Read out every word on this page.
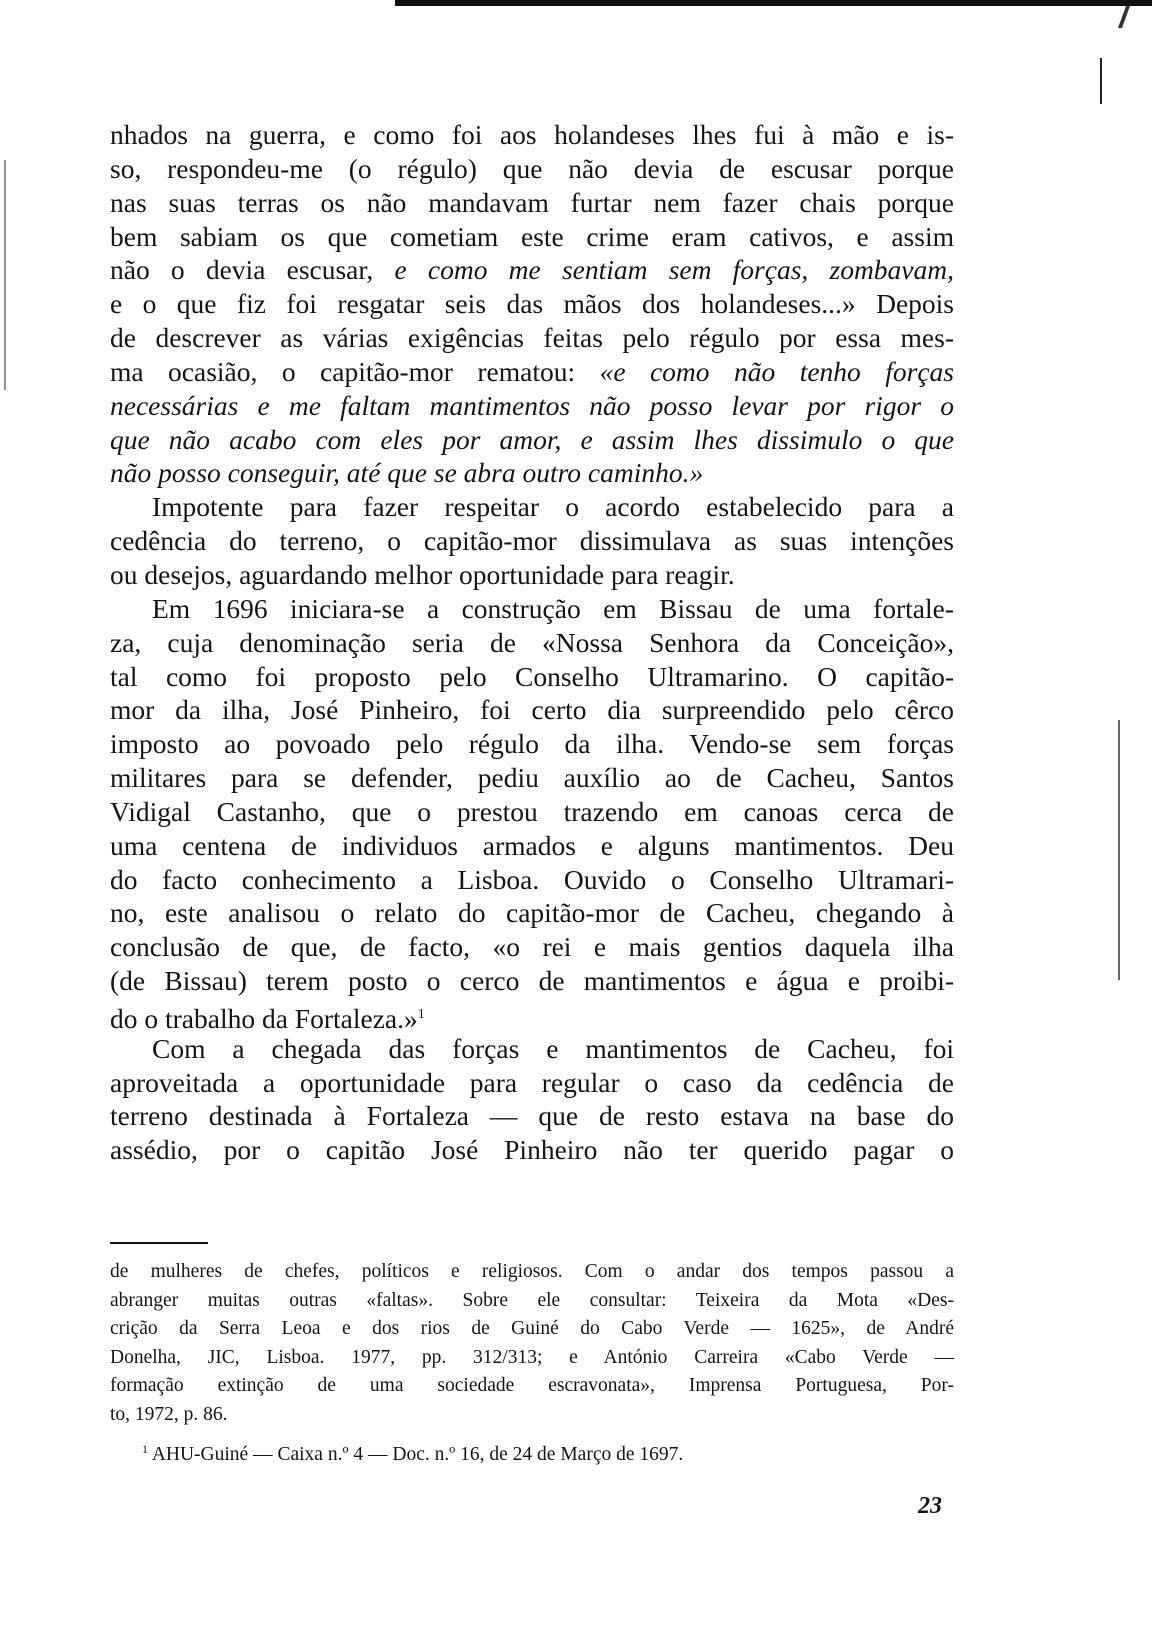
nhados na guerra, e como foi aos holandeses lhes fui à mão e is-
so, respondeu-me (o régulo) que não devia de escusar porque
nas suas terras os não mandavam furtar nem fazer chais porque
bem sabiam os que cometiam este crime eram cativos, e assim
não o devia escusar, e como me sentiam sem forças, zombavam,
e o que fiz foi resgatar seis das mãos dos holandeses...» Depois
de descrever as várias exigências feitas pelo régulo por essa mes-
ma ocasião, o capitão-mor rematou: «e como não tenho forças
necessárias e me faltam mantimentos não posso levar por rigor o
que não acabo com eles por amor, e assim lhes dissimulo o que
não posso conseguir, até que se abra outro caminho.»
Impotente para fazer respeitar o acordo estabelecido para a
cedência do terreno, o capitão-mor dissimulava as suas intenções
ou desejos, aguardando melhor oportunidade para reagir.
Em 1696 iniciara-se a construção em Bissau de uma fortale-
za, cuja denominação seria de «Nossa Senhora da Conceição»,
tal como foi proposto pelo Conselho Ultramarino. O capitão-
mor da ilha, José Pinheiro, foi certo dia surpreendido pelo cêrco
imposto ao povoado pelo régulo da ilha. Vendo-se sem forças
militares para se defender, pediu auxílio ao de Cacheu, Santos
Vidigal Castanho, que o prestou trazendo em canoas cerca de
uma centena de individuos armados e alguns mantimentos. Deu
do facto conhecimento a Lisboa. Ouvido o Conselho Ultramari-
no, este analisou o relato do capitão-mor de Cacheu, chegando à
conclusão de que, de facto, «o rei e mais gentios daquela ilha
(de Bissau) terem posto o cerco de mantimentos e água e proibi-
do o trabalho da Fortaleza.»$^1$
Com a chegada das forças e mantimentos de Cacheu, foi
aproveitada a oportunidade para regular o caso da cedência de
terreno destinada à Fortaleza — que de resto estava na base do
assédio, por o capitão José Pinheiro não ter querido pagar o
de mulheres de chefes, políticos e religiosos. Com o andar dos tempos passou a
abranger muitas outras «faltas». Sobre ele consultar: Teixeira da Mota «Des-
crição da Serra Leoa e dos rios de Guiné do Cabo Verde — 1625», de André
Donelha, JIC, Lisboa. 1977, pp. 312/313; e António Carreira «Cabo Verde —
formação extinção de uma sociedade escravonata», Imprensa Portuguesa, Por-
to, 1972, p. 86.
$^1$ AHU-Guiné — Caixa n.º 4 — Doc. n.º 16, de 24 de Março de 1697.
23
